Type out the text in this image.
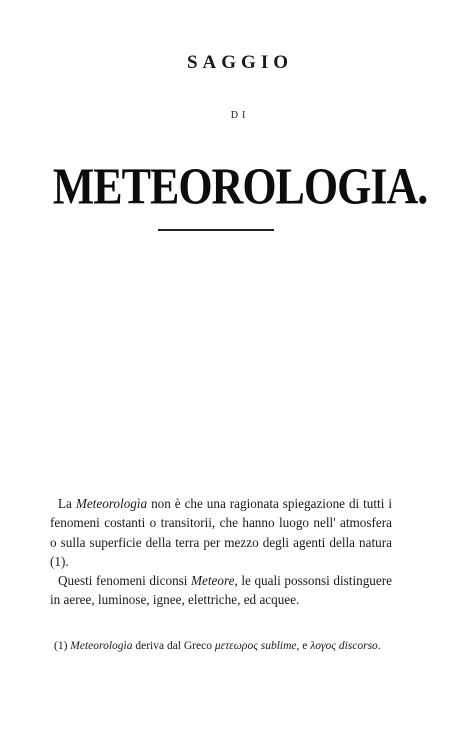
SAGGIO
DI
METEOROLOGIA.

La Meteorologìa non è che una ragionata spiegazione di tutti i fenomeni costanti o transitorii, che hanno luogo nell' atmosfera o sulla superficie della terra per mezzo degli agenti della natura (1).

Questi fenomeni diconsi Meteore, le quali possonsi distinguere in aeree, luminose, ignee, elettriche, ed acquee.

(1) Meteorologìa deriva dal Greco μετεωρος sublime, e λογος discorso.
